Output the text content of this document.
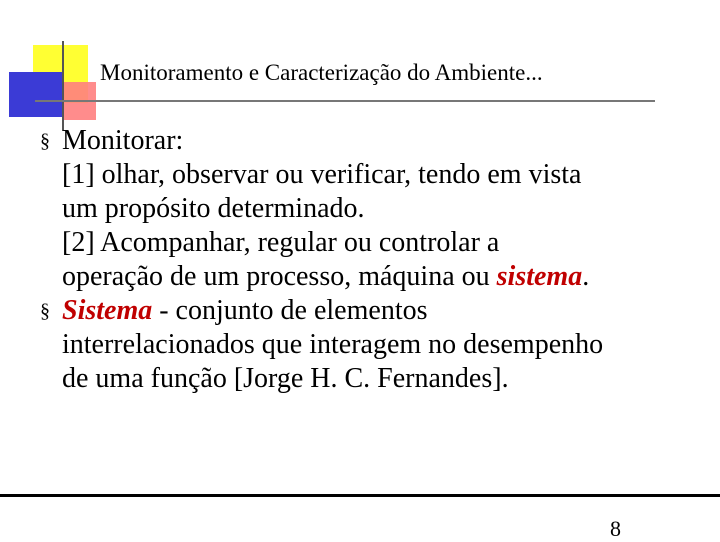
Monitoramento e Caracterização do Ambiente...
§ Monitorar:
[1] olhar, observar ou verificar, tendo em vista
um propósito determinado.
[2] Acompanhar, regular ou controlar a
operação de um processo, máquina ou sistema.
§ Sistema - conjunto de elementos
interrelacionados que interagem no desempenho
de uma função [Jorge H. C. Fernandes].
8
